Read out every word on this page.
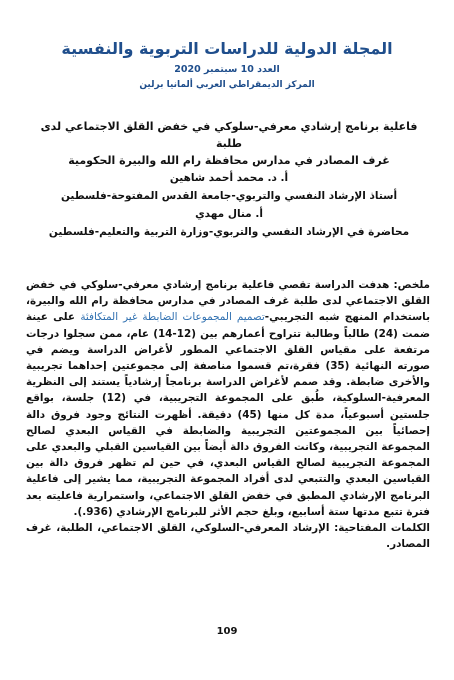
المجلة الدولية للدراسات التربوية والنفسية
العدد 10 سبتمبر 2020
المركز الديمقراطي العربي ألمانيا برلين
فاعلية برنامج إرشادي معرفي-سلوكي في خفض القلق الاجتماعي لدى طلبة
غرف المصادر في مدارس محافظة رام الله والبيرة الحكومية
أ. د. محمد أحمد شاهين
أستاذ الإرشاد النفسي والتربوي-جامعة القدس المفتوحة-فلسطين
أ. منال مهدي
محاضرة في الإرشاد النفسي والتربوي-وزارة التربية والتعليم-فلسطين

ملخص: هدفت الدراسة تقصي فاعلية برنامج إرشادي معرفي-سلوكي في خفض القلق الاجتماعي لدى طلبة غرف المصادر في مدارس محافظة رام الله والبيرة، باستخدام المنهج شبه التجريبي-تصميم المجموعات الضابطة غير المتكافئة على عينة ضمت (24) طالباً وطالبة تتراوح أعمارهم بين (12-14) عام، ممن سجلوا درجات مرتفعة على مقياس القلق الاجتماعي المطور لأغراض الدراسة ويضم في صورته النهائية (35) فقرة،تم قسموا مناصفة إلى مجموعتين إحداهما تجريبية والأخرى ضابطة. وقد صمم لأغراض الدراسة برنامجاً إرشادياً يستند إلى النظرية المعرفية-السلوكية، طُبق على المجموعة التجريبية، في (12) جلسة، بواقع جلستين أسبوعياً، مدة كل منها (45) دقيقة. أظهرت النتائج وجود فروق دالة إحصائياً بين المجموعتين التجريبية والضابطة في القياس البعدي لصالح المجموعة التجريبية، وكانت الفروق دالة أيضاً بين القياسين القبلي والبعدي على المجموعة التجريبية لصالح القياس البعدي، في حين لم تظهر فروق دالة بين القياسين البعدي والتتبعي لدى أفراد المجموعة التجريبية، مما يشير إلى فاعلية البرنامج الإرشادي المطبق في خفض القلق الاجتماعي، واستمرارية فاعليته بعد فترة تتبع مدتها ستة أسابيع، وبلغ حجم الأثر للبرنامج الإرشادي (936.).

الكلمات المفتاحية: الإرشاد المعرفي-السلوكي، القلق الاجتماعي، الطلبة، غرف المصادر.

109
